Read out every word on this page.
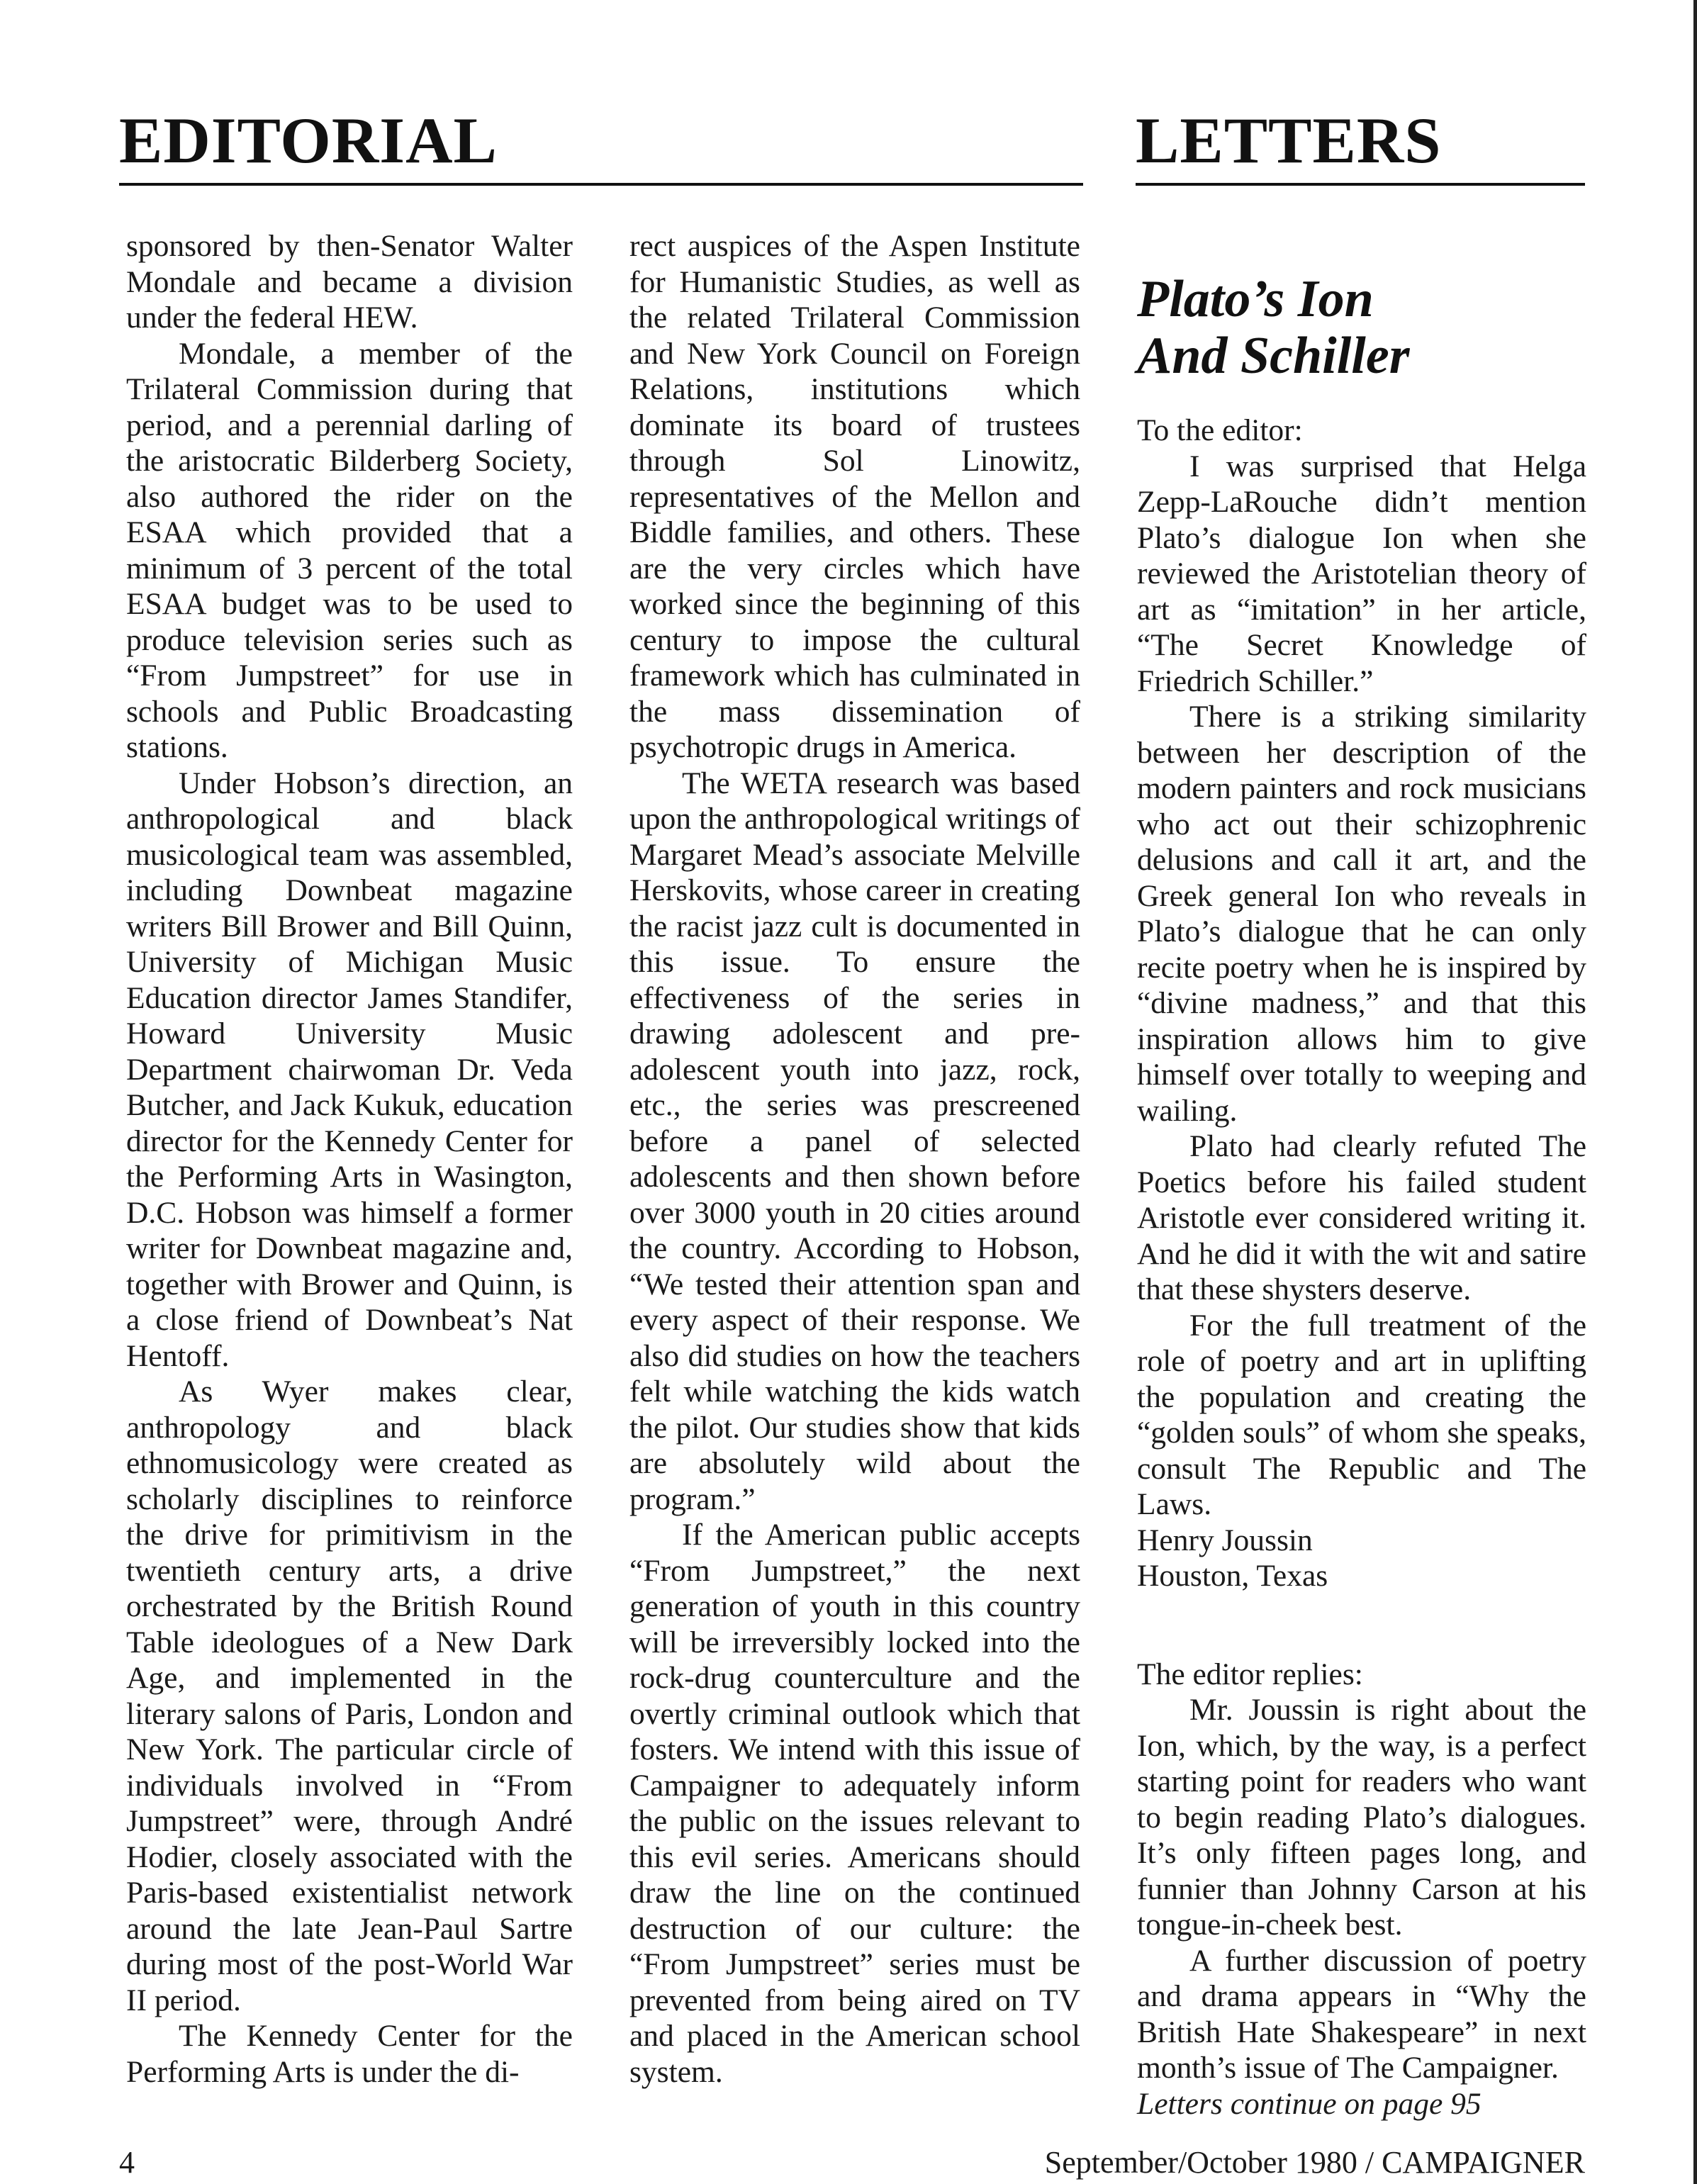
EDITORIAL	LETTERS

sponsored by then-Senator Walter Mondale and became a division under the federal HEW.

Mondale, a member of the Trilateral Commission during that period, and a perennial darling of the aristocratic Bilderberg Society, also authored the rider on the ESAA which provided that a minimum of 3 percent of the total ESAA budget was to be used to produce television series such as “From Jumpstreet” for use in schools and Public Broadcasting stations.

Under Hobson’s direction, an anthropological and black musicological team was assembled, including Downbeat magazine writers Bill Brower and Bill Quinn, University of Michigan Music Education director James Standifer, Howard University Music Department chairwoman Dr. Veda Butcher, and Jack Kukuk, education director for the Kennedy Center for the Performing Arts in Wasington, D.C. Hobson was himself a former writer for Downbeat magazine and, together with Brower and Quinn, is a close friend of Downbeat’s Nat Hentoff.

As Wyer makes clear, anthropology and black ethnomusicology were created as scholarly disciplines to reinforce the drive for primitivism in the twentieth century arts, a drive orchestrated by the British Round Table ideologues of a New Dark Age, and implemented in the literary salons of Paris, London and New York. The particular circle of individuals involved in “From Jumpstreet” were, through André Hodier, closely associated with the Paris-based existentialist network around the late Jean-Paul Sartre during most of the post-World War II period.

The Kennedy Center for the Performing Arts is under the di-

rect auspices of the Aspen Institute for Humanistic Studies, as well as the related Trilateral Commission and New York Council on Foreign Relations, institutions which dominate its board of trustees through Sol Linowitz, representatives of the Mellon and Biddle families, and others. These are the very circles which have worked since the beginning of this century to impose the cultural framework which has culminated in the mass dissemination of psychotropic drugs in America.

The WETA research was based upon the anthropological writings of Margaret Mead’s associate Melville Herskovits, whose career in creating the racist jazz cult is documented in this issue. To ensure the effectiveness of the series in drawing adolescent and pre-adolescent youth into jazz, rock, etc., the series was prescreened before a panel of selected adolescents and then shown before over 3000 youth in 20 cities around the country. According to Hobson, “We tested their attention span and every aspect of their response. We also did studies on how the teachers felt while watching the kids watch the pilot. Our studies show that kids are absolutely wild about the program.”

If the American public accepts “From Jumpstreet,” the next generation of youth in this country will be irreversibly locked into the rock-drug counterculture and the overtly criminal outlook which that fosters. We intend with this issue of Campaigner to adequately inform the public on the issues relevant to this evil series. Americans should draw the line on the continued destruction of our culture: the “From Jumpstreet” series must be prevented from being aired on TV and placed in the American school system.

Plato’s Ion
And Schiller

To the editor:

I was surprised that Helga Zepp-LaRouche didn’t mention Plato’s dialogue Ion when she reviewed the Aristotelian theory of art as “imitation” in her article, “The Secret Knowledge of Friedrich Schiller.”

There is a striking similarity between her description of the modern painters and rock musicians who act out their schizophrenic delusions and call it art, and the Greek general Ion who reveals in Plato’s dialogue that he can only recite poetry when he is inspired by “divine madness,” and that this inspiration allows him to give himself over totally to weeping and wailing.

Plato had clearly refuted The Poetics before his failed student Aristotle ever considered writing it. And he did it with the wit and satire that these shysters deserve.

For the full treatment of the role of poetry and art in uplifting the population and creating the “golden souls” of whom she speaks, consult The Republic and The Laws.

Henry Joussin

Houston, Texas

The editor replies:

Mr. Joussin is right about the Ion, which, by the way, is a perfect starting point for readers who want to begin reading Plato’s dialogues. It’s only fifteen pages long, and funnier than Johnny Carson at his tongue-in-cheek best.

A further discussion of poetry and drama appears in “Why the British Hate Shakespeare” in next month’s issue of The Campaigner.

Letters continue on page 95

4	September/October 1980 / CAMPAIGNER
